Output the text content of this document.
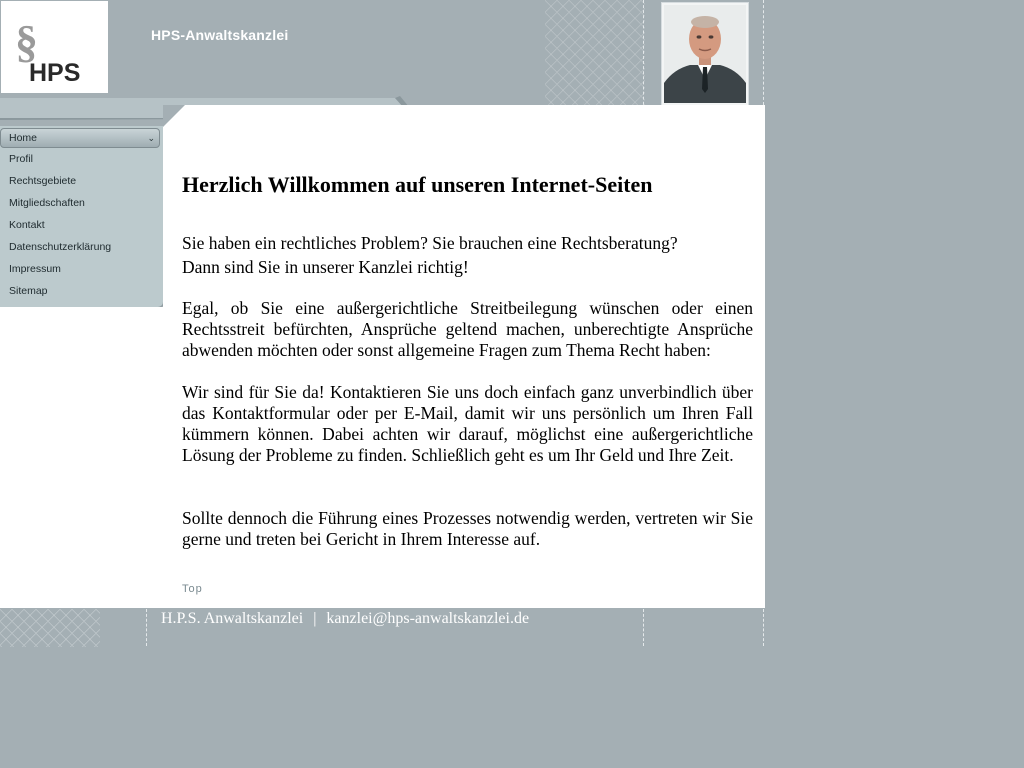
§
HPS
HPS-Anwaltskanzlei
Home	⌄
Profil
Rechtsgebiete
Mitgliedschaften
Kontakt
Datenschutzerklärung
Impressum
Sitemap
Herzlich Willkommen auf unseren Internet-Seiten

Sie haben ein rechtliches Problem? Sie brauchen eine Rechtsberatung?

Dann sind Sie in unserer Kanzlei richtig!

Egal, ob Sie eine außergerichtliche Streitbeilegung wünschen oder einen Rechtsstreit befürchten, Ansprüche geltend machen, unberechtigte Ansprüche abwenden möchten oder sonst allgemeine Fragen zum Thema Recht haben:

Wir sind für Sie da! Kontaktieren Sie uns doch einfach ganz unverbindlich über das Kontaktformular oder per E-Mail, damit wir uns persönlich um Ihren Fall kümmern können. Dabei achten wir darauf, möglichst eine außergerichtliche Lösung der Probleme zu finden. Schließlich geht es um Ihr Geld und Ihre Zeit.

Sollte dennoch die Führung eines Prozesses notwendig werden, vertreten wir Sie gerne und treten bei Gericht in Ihrem Interesse auf.

Top
H.P.S. Anwaltskanzlei | kanzlei@hps-anwaltskanzlei.de
